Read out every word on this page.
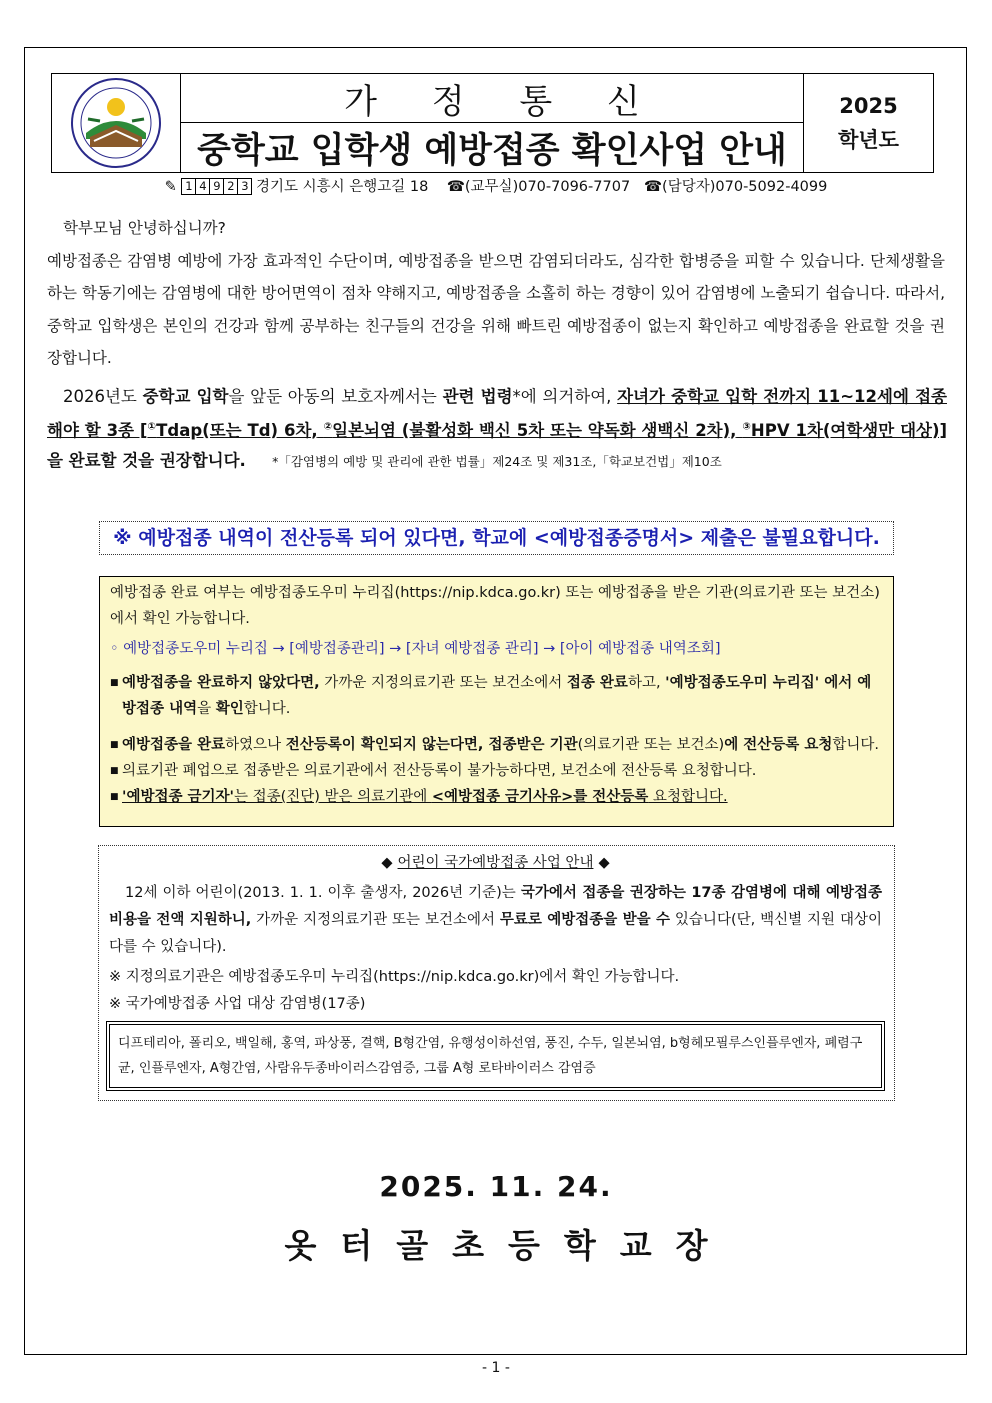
가 정 통 신
중학교 입학생 예방접종 확인사업 안내
2025
학년도
✎ 1 4 9 2 3 경기도 시흥시 은행고길 18 ☎(교무실)070-7096-7707 ☎(담당자)070-5092-4099
학부모님 안녕하십니까?
예방접종은 감염병 예방에 가장 효과적인 수단이며, 예방접종을 받으면 감염되더라도, 심각한 합병증을 피할 수 있습니다. 단체생활을 하는 학동기에는 감염병에 대한 방어면역이 점차 약해지고, 예방접종을 소홀히 하는 경향이 있어 감염병에 노출되기 쉽습니다. 따라서, 중학교 입학생은 본인의 건강과 함께 공부하는 친구들의 건강을 위해 빠트린 예방접종이 없는지 확인하고 예방접종을 완료할 것을 권장합니다.
2026년도 중학교 입학을 앞둔 아동의 보호자께서는 관련 법령*에 의거하여, 자녀가 중학교 입학 전까지 11~12세에 접종해야 할 3종 [①Tdap(또는 Td) 6차, ②일본뇌염 (불활성화 백신 5차 또는 약독화 생백신 2차), ③HPV 1차(여학생만 대상)]을 완료할 것을 권장합니다. *「감염병의 예방 및 관리에 관한 법률」제24조 및 제31조,「학교보건법」제10조
※ 예방접종 내역이 전산등록 되어 있다면, 학교에 <예방접종증명서> 제출은 불필요합니다.
예방접종 완료 여부는 예방접종도우미 누리집(https://nip.kdca.go.kr) 또는 예방접종을 받은 기관(의료기관 또는 보건소)에서 확인 가능합니다.
◦ 예방접종도우미 누리집 → [예방접종관리] → [자녀 예방접종 관리] → [아이 예방접종 내역조회]
■ 예방접종을 완료하지 않았다면, 가까운 지정의료기관 또는 보건소에서 접종 완료하고, '예방접종도우미 누리집' 에서 예방접종 내역을 확인합니다.
■ 예방접종을 완료하였으나 전산등록이 확인되지 않는다면, 접종받은 기관(의료기관 또는 보건소)에 전산등록 요청합니다.
■ 의료기관 폐업으로 접종받은 의료기관에서 전산등록이 불가능하다면, 보건소에 전산등록 요청합니다.
■ '예방접종 금기자'는 접종(진단) 받은 의료기관에 <예방접종 금기사유>를 전산등록 요청합니다.
◆ 어린이 국가예방접종 사업 안내 ◆
12세 이하 어린이(2013. 1. 1. 이후 출생자, 2026년 기준)는 국가에서 접종을 권장하는 17종 감염병에 대해 예방접종 비용을 전액 지원하니, 가까운 지정의료기관 또는 보건소에서 무료로 예방접종을 받을 수 있습니다(단, 백신별 지원 대상이 다를 수 있습니다).
※ 지정의료기관은 예방접종도우미 누리집(https://nip.kdca.go.kr)에서 확인 가능합니다.
※ 국가예방접종 사업 대상 감염병(17종)
디프테리아, 폴리오, 백일해, 홍역, 파상풍, 결핵, B형간염, 유행성이하선염, 풍진, 수두, 일본뇌염, b형헤모필루스인플루엔자, 폐렴구균, 인플루엔자, A형간염, 사람유두종바이러스감염증, 그룹 A형 로타바이러스 감염증
2025. 11. 24.
옷터골초등학교장
- 1 -
